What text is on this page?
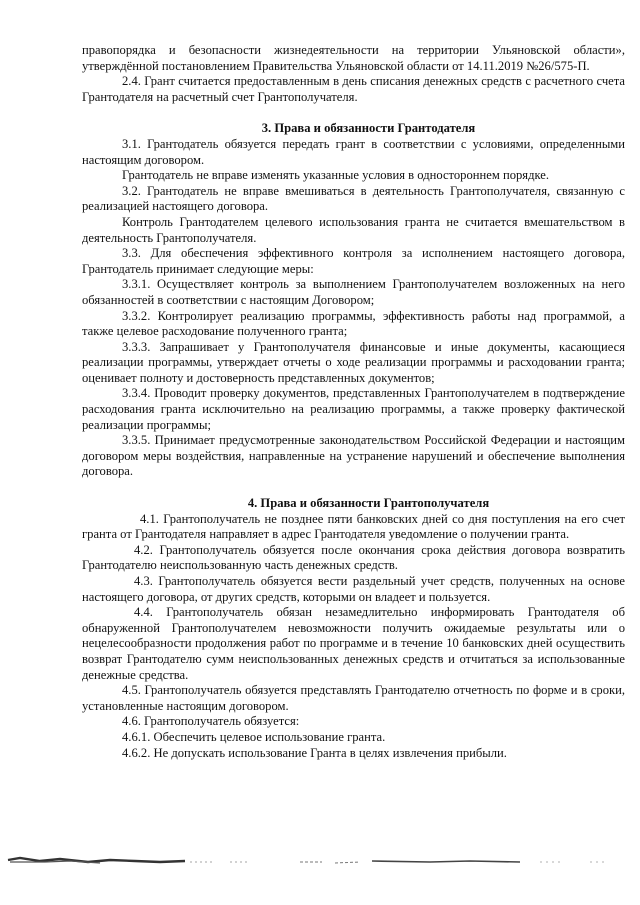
правопорядка и безопасности жизнедеятельности на территории Ульяновской области», утверждённой постановлением Правительства Ульяновской области от 14.11.2019 №26/575-П.

2.4. Грант считается предоставленным в день списания денежных средств с расчетного счета Грантодателя на расчетный счет Грантополучателя.

3. Права и обязанности Грантодателя

3.1. Грантодатель обязуется передать грант в соответствии с условиями, определенными настоящим договором.

Грантодатель не вправе изменять указанные условия в одностороннем порядке.

3.2. Грантодатель не вправе вмешиваться в деятельность Грантополучателя, связанную с реализацией настоящего договора.

Контроль Грантодателем целевого использования гранта не считается вмешательством в деятельность Грантополучателя.

3.3. Для обеспечения эффективного контроля за исполнением настоящего договора, Грантодатель принимает следующие меры:

3.3.1. Осуществляет контроль за выполнением Грантополучателем возложенных на него обязанностей в соответствии с настоящим Договором;

3.3.2. Контролирует реализацию программы, эффективность работы над программой, а также целевое расходование полученного гранта;

3.3.3. Запрашивает у Грантополучателя финансовые и иные документы, касающиеся реализации программы, утверждает отчеты о ходе реализации программы и расходовании гранта; оценивает полноту и достоверность представленных документов;

3.3.4. Проводит проверку документов, представленных Грантополучателем в подтверждение расходования гранта исключительно на реализацию программы, а также проверку фактической реализации программы;

3.3.5. Принимает предусмотренные законодательством Российской Федерации и настоящим договором меры воздействия, направленные на устранение нарушений и обеспечение выполнения договора.

4. Права и обязанности Грантополучателя

4.1. Грантополучатель не позднее пяти банковских дней со дня поступления на его счет гранта от Грантодателя направляет в адрес Грантодателя уведомление о получении гранта.

4.2. Грантополучатель обязуется после окончания срока действия договора возвратить Грантодателю неиспользованную часть денежных средств.

4.3. Грантополучатель обязуется вести раздельный учет средств, полученных на основе настоящего договора, от других средств, которыми он владеет и пользуется.

4.4. Грантополучатель обязан незамедлительно информировать Грантодателя об обнаруженной Грантополучателем невозможности получить ожидаемые результаты или о нецелесообразности продолжения работ по программе и в течение 10 банковских дней осуществить возврат Грантодателю сумм неиспользованных денежных средств и отчитаться за использованные денежные средства.

4.5. Грантополучатель обязуется представлять Грантодателю отчетность по форме и в сроки, установленные настоящим договором.

4.6. Грантополучатель обязуется:

4.6.1. Обеспечить целевое использование гранта.

4.6.2. Не допускать использование Гранта в целях извлечения прибыли.
